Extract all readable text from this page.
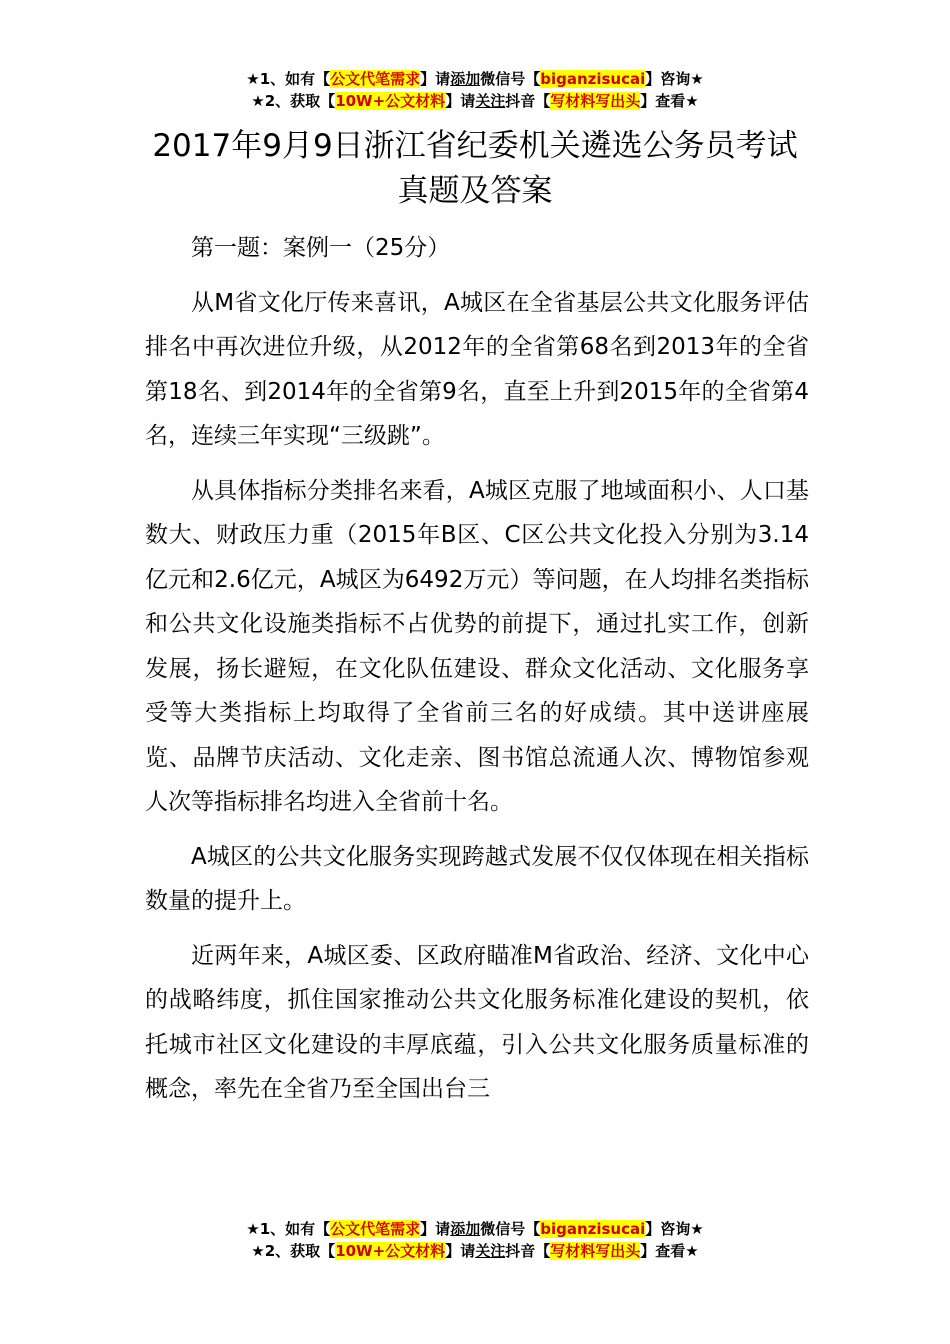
★1、如有【公文代笔需求】请添加微信号【biganzisucai】咨询★
★2、获取【10W+公文材料】请关注抖音【写材料写出头】查看★
2017年9月9日浙江省纪委机关遴选公务员考试真题及答案

第一题：案例一（25分）

从M省文化厅传来喜讯，A城区在全省基层公共文化服务评估排名中再次进位升级，从2012年的全省第68名到2013年的全省第18名、到2014年的全省第9名，直至上升到2015年的全省第4名，连续三年实现“三级跳”。

从具体指标分类排名来看，A城区克服了地域面积小、人口基数大、财政压力重（2015年B区、C区公共文化投入分别为3.14亿元和2.6亿元，A城区为6492万元）等问题，在人均排名类指标和公共文化设施类指标不占优势的前提下，通过扎实工作，创新发展，扬长避短，在文化队伍建设、群众文化活动、文化服务享受等大类指标上均取得了全省前三名的好成绩。其中送讲座展览、品牌节庆活动、文化走亲、图书馆总流通人次、博物馆参观人次等指标排名均进入全省前十名。

A城区的公共文化服务实现跨越式发展不仅仅体现在相关指标数量的提升上。

近两年来，A城区委、区政府瞄准M省政治、经济、文化中心的战略纬度，抓住国家推动公共文化服务标准化建设的契机，依托城市社区文化建设的丰厚底蕴，引入公共文化服务质量标准的概念，率先在全省乃至全国出台三

★1、如有【公文代笔需求】请添加微信号【biganzisucai】咨询★
★2、获取【10W+公文材料】请关注抖音【写材料写出头】查看★
